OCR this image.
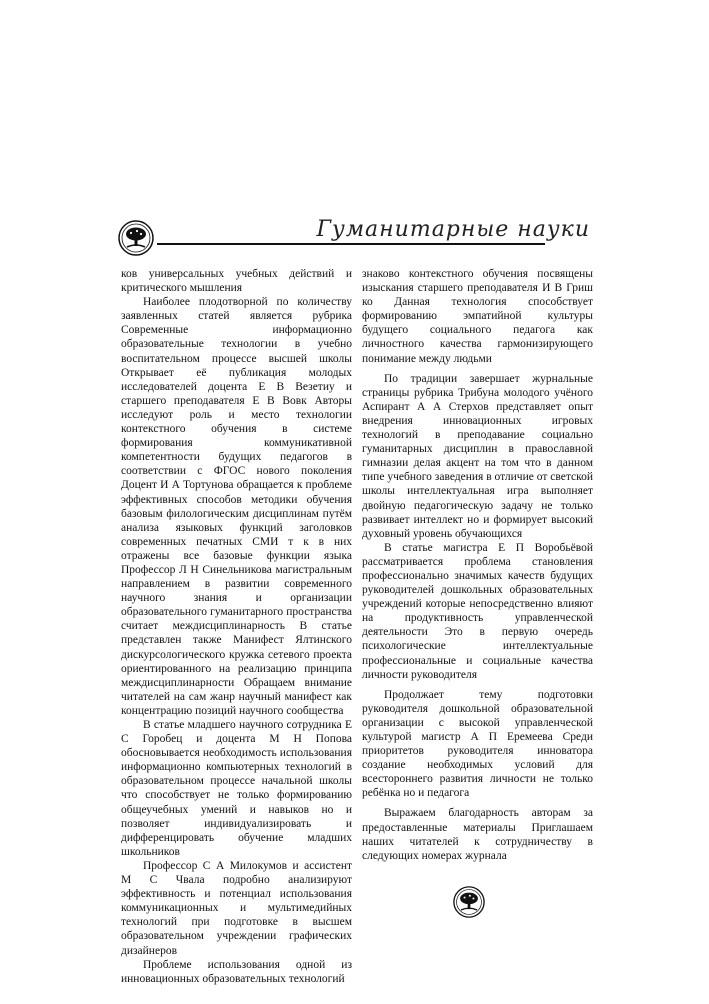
Гуманитарные науки

ков универсальных учебных действий и критического мышления

Наиболее плодотворной по количеству заявленных статей является рубрика Современные информационно образовательные технологии в учебно воспитательном процессе высшей школы Открывает её публикация молодых исследователей доцента Е В Везетиу и старшего преподавателя Е В Вовк Авторы исследуют роль и место технологии контекстного обучения в системе формирования коммуникативной компетентности будущих педагогов в соответствии с ФГОС нового поколения Доцент И А Тортунова обращается к проблеме эффективных способов методики обучения базовым филологическим дисциплинам путём анализа языковых функций заголовков современных печатных СМИ т к в них отражены все базовые функции языка Профессор Л Н Синельникова магистральным направлением в развитии современного научного знания и организации образовательного гуманитарного пространства считает междисциплинарность В статье представлен также Манифест Ялтинского дискурсологического кружка сетевого проекта ориентированного на реализацию принципа междисциплинарности Обращаем внимание читателей на сам жанр научный манифест как концентрацию позиций научного сообщества

В статье младшего научного сотрудника Е С Горобец и доцента М Н Попова обосновывается необходимость использования информационно компьютерных технологий в образовательном процессе начальной школы что способствует не только формированию общеучебных умений и навыков но и позволяет индивидуализировать и дифференцировать обучение младших школьников

Профессор С А Милокумов и ассистент М С Чвала подробно анализируют эффективность и потенциал использования коммуникационных и мультимедийных технологий при подготовке в высшем образовательном учреждении графических дизайнеров

Проблеме использования одной из инновационных образовательных технологий

знаково контекстного обучения посвящены изыскания старшего преподавателя И В Гриш ко Данная технология способствует формированию эмпатийной культуры будущего социального педагога как личностного качества гармонизирующего понимание между людьми

По традиции завершает журнальные страницы рубрика Трибуна молодого учёного Аспирант А А Стерхов представляет опыт внедрения инновационных игровых технологий в преподавание социально гуманитарных дисциплин в православной гимназии делая акцент на том что в данном типе учебного заведения в отличие от светской школы интеллектуальная игра выполняет двойную педагогическую задачу не только развивает интеллект но и формирует высокий духовный уровень обучающихся

В статье магистра Е П Воробьёвой рассматривается проблема становления профессионально значимых качеств будущих руководителей дошкольных образовательных учреждений которые непосредственно влияют на продуктивность управленческой деятельности Это в первую очередь психологические интеллектуальные профессиональные и социальные качества личности руководителя

Продолжает тему подготовки руководителя дошкольной образовательной организации с высокой управленческой культурой магистр А П Еремеева Среди приоритетов руководителя инноватора создание необходимых условий для всестороннего развития личности не только ребёнка но и педагога

Выражаем благодарность авторам за предоставленные материалы Приглашаем наших читателей к сотрудничеству в следующих номерах журнала
